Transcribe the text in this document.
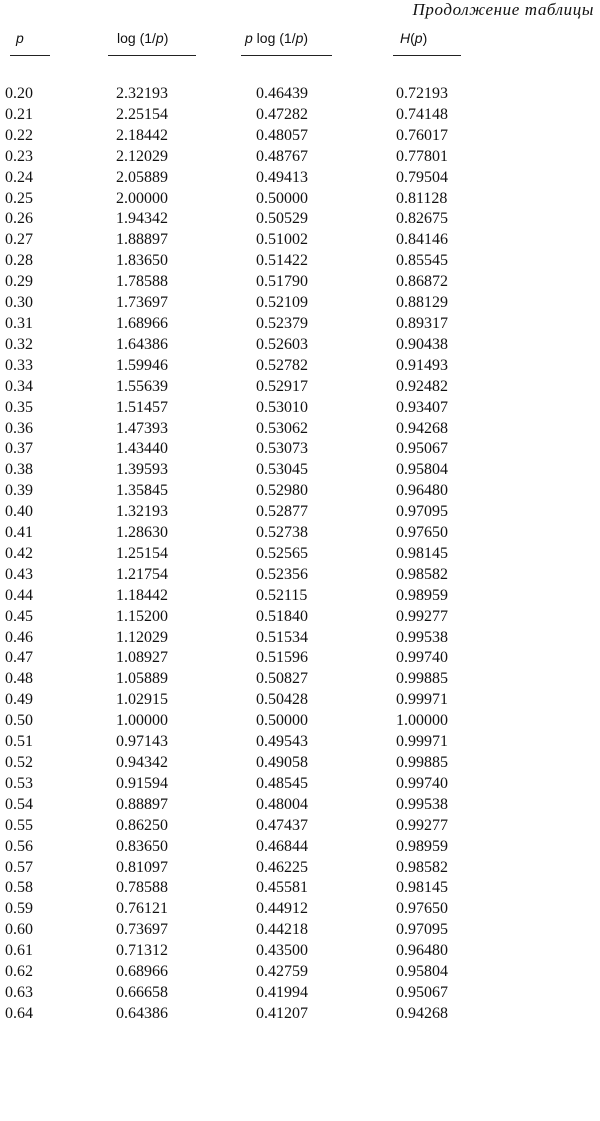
Продолжение таблицы
p	log (1/p)	p log (1/p)	H(p)
0.20	2.32193	0.46439	0.72193
0.21	2.25154	0.47282	0.74148
0.22	2.18442	0.48057	0.76017
0.23	2.12029	0.48767	0.77801
0.24	2.05889	0.49413	0.79504
0.25	2.00000	0.50000	0.81128
0.26	1.94342	0.50529	0.82675
0.27	1.88897	0.51002	0.84146
0.28	1.83650	0.51422	0.85545
0.29	1.78588	0.51790	0.86872
0.30	1.73697	0.52109	0.88129
0.31	1.68966	0.52379	0.89317
0.32	1.64386	0.52603	0.90438
0.33	1.59946	0.52782	0.91493
0.34	1.55639	0.52917	0.92482
0.35	1.51457	0.53010	0.93407
0.36	1.47393	0.53062	0.94268
0.37	1.43440	0.53073	0.95067
0.38	1.39593	0.53045	0.95804
0.39	1.35845	0.52980	0.96480
0.40	1.32193	0.52877	0.97095
0.41	1.28630	0.52738	0.97650
0.42	1.25154	0.52565	0.98145
0.43	1.21754	0.52356	0.98582
0.44	1.18442	0.52115	0.98959
0.45	1.15200	0.51840	0.99277
0.46	1.12029	0.51534	0.99538
0.47	1.08927	0.51596	0.99740
0.48	1.05889	0.50827	0.99885
0.49	1.02915	0.50428	0.99971
0.50	1.00000	0.50000	1.00000
0.51	0.97143	0.49543	0.99971
0.52	0.94342	0.49058	0.99885
0.53	0.91594	0.48545	0.99740
0.54	0.88897	0.48004	0.99538
0.55	0.86250	0.47437	0.99277
0.56	0.83650	0.46844	0.98959
0.57	0.81097	0.46225	0.98582
0.58	0.78588	0.45581	0.98145
0.59	0.76121	0.44912	0.97650
0.60	0.73697	0.44218	0.97095
0.61	0.71312	0.43500	0.96480
0.62	0.68966	0.42759	0.95804
0.63	0.66658	0.41994	0.95067
0.64	0.64386	0.41207	0.94268
